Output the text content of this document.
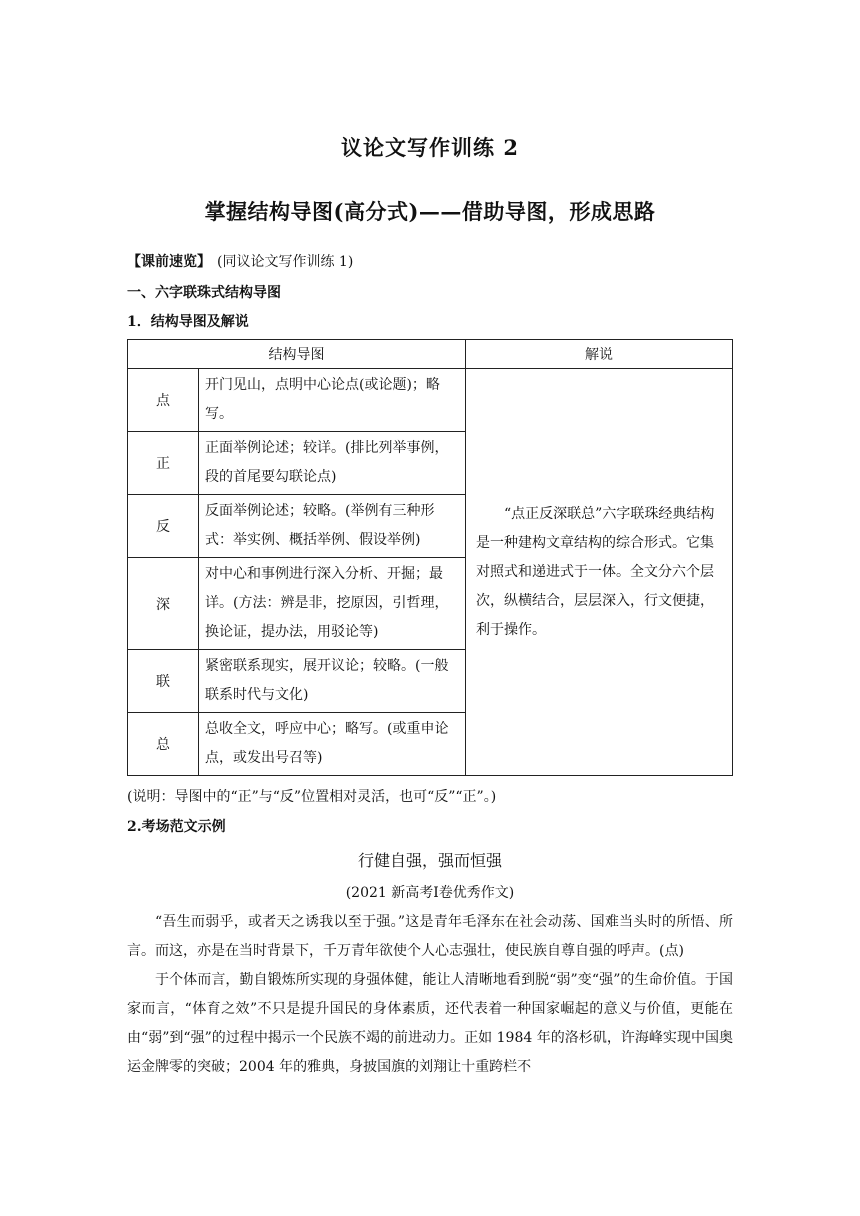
议论文写作训练 2
掌握结构导图(高分式)——借助导图，形成思路
【课前速览】 (同议论文写作训练 1)
一、六字联珠式结构导图
1．结构导图及解说
结构导图		解说
点	开门见山，点明中心论点(或论题)；略写。	“点正反深联总”六字联珠经典结构是一种建构文章结构的综合形式。它集对照式和递进式于一体。全文分六个层次，纵横结合，层层深入，行文便捷，利于操作。
正	正面举例论述；较详。(排比列举事例，段的首尾要勾联论点)	
反	反面举例论述；较略。(举例有三种形式：举实例、概括举例、假设举例)	
深	对中心和事例进行深入分析、开掘；最详。(方法：辨是非，挖原因，引哲理，换论证，提办法，用驳论等)	
联	紧密联系现实，展开议论；较略。(一般联系时代与文化)	
总	总收全文，呼应中心；略写。(或重申论点，或发出号召等)	
(说明：导图中的“正”与“反”位置相对灵活，也可“反”“正”。)
2.考场范文示例
行健自强，强而恒强
(2021 新高考Ⅰ卷优秀作文)

“吾生而弱乎，或者天之诱我以至于强。”这是青年毛泽东在社会动荡、国难当头时的所悟、所言。而这，亦是在当时背景下，千万青年欲使个人心志强壮，使民族自尊自强的呼声。(点)

于个体而言，勤自锻炼所实现的身强体健，能让人清晰地看到脱“弱”变“强”的生命价值。于国家而言，“体育之效”不只是提升国民的身体素质，还代表着一种国家崛起的意义与价值，更能在由“弱”到“强”的过程中揭示一个民族不竭的前进动力。正如 1984 年的洛杉矶，许海峰实现中国奥运金牌零的突破；2004 年的雅典，身披国旗的刘翔让十重跨栏不
